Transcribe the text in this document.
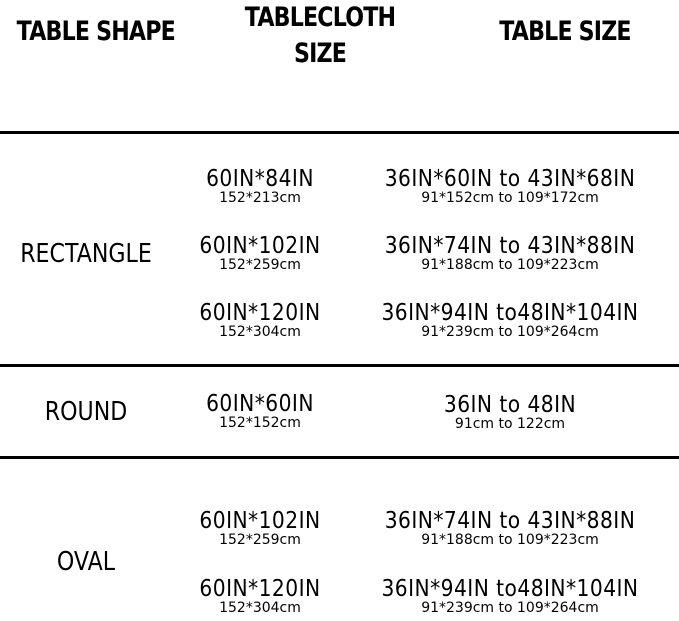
TABLE SHAPE	TABLECLOTH
SIZE
TABLE SIZE
RECTANGLE
60IN*84IN
152*213cm
36IN*60IN to 43IN*68IN
91*152cm to 109*172cm
60IN*102IN
152*259cm
36IN*74IN to 43IN*88IN
91*188cm to 109*223cm
60IN*120IN
152*304cm
36IN*94IN to48IN*104IN
91*239cm to 109*264cm
ROUND	60IN*60IN
152*152cm
36IN to 48IN
91cm to 122cm
OVAL
60IN*102IN
152*259cm
36IN*74IN to 43IN*88IN
91*188cm to 109*223cm
60IN*120IN
152*304cm
36IN*94IN to48IN*104IN
91*239cm to 109*264cm
